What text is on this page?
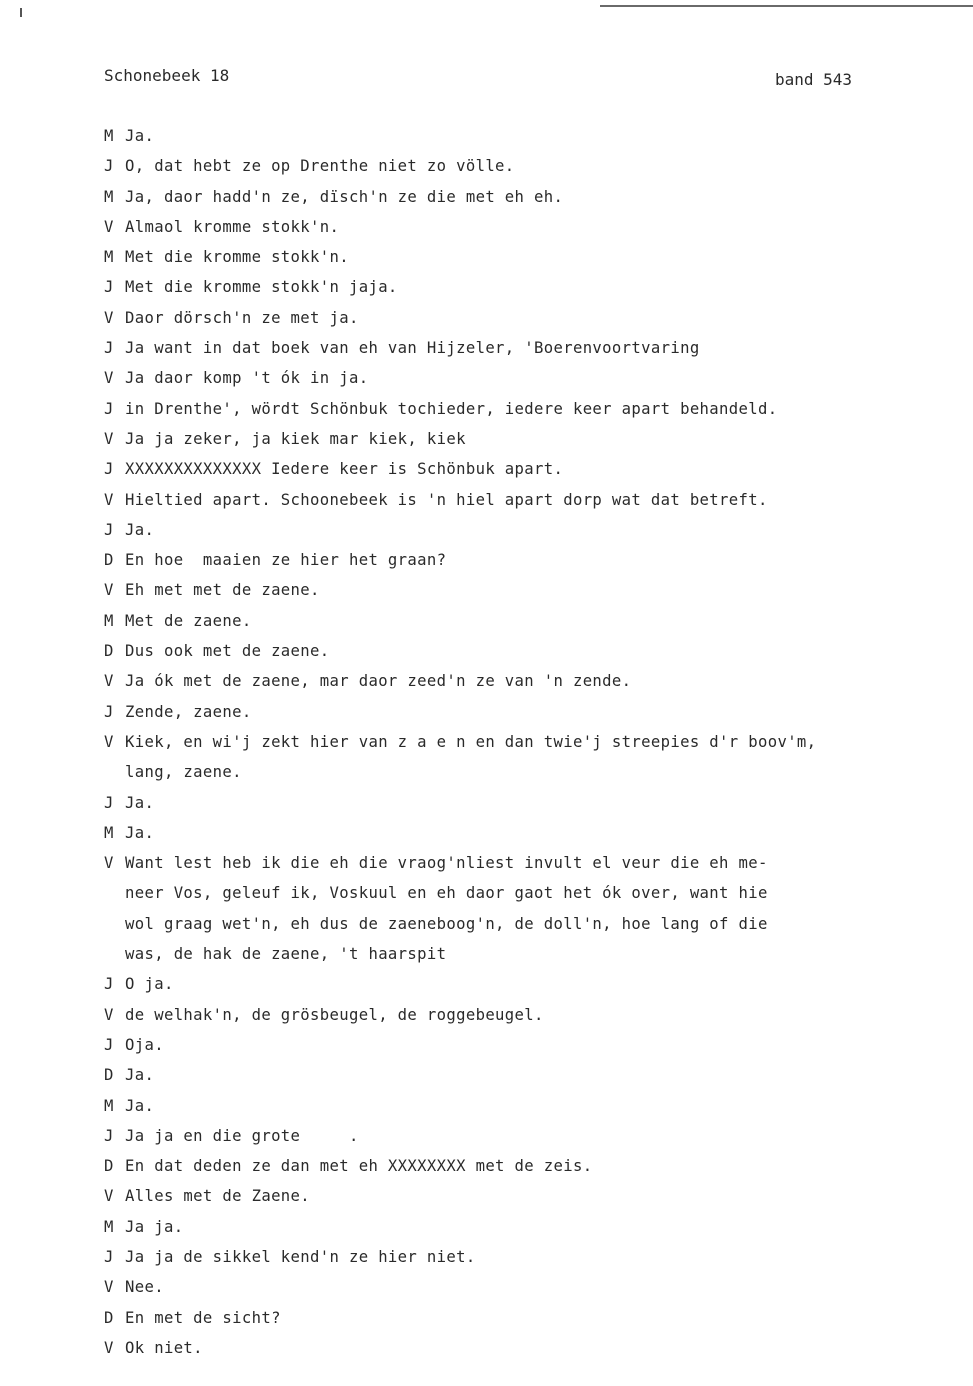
Schonebeek 18	band 543
M Ja.
J O, dat hebt ze op Drenthe niet zo völle.
M Ja, daor hadd'n ze, dïsch'n ze die met eh eh.
V Almaol kromme stokk'n.
M Met die kromme stokk'n.
J Met die kromme stokk'n jaja.
V Daor dörsch'n ze met ja.
J Ja want in dat boek van eh van Hijzeler, 'Boerenvoortvaring
V Ja daor komp 't ók in ja.
J in Drenthe', wördt Schönbuk tochieder, iedere keer apart behandeld.
V Ja ja zeker, ja kiek mar kiek, kiek
J XXXXXXXXXXXXXX Iedere keer is Schönbuk apart.
V Hieltied apart. Schoonebeek is 'n hiel apart dorp wat dat betreft.
J Ja.
D En hoe  maaien ze hier het graan?
V Eh met met de zaene.
M Met de zaene.
D Dus ook met de zaene.
V Ja ók met de zaene, mar daor zeed'n ze van 'n zende.
J Zende, zaene.
V Kiek, en wi'j zekt hier van z a e n en dan twie'j streepies d'r boov'm,
lang, zaene.
J Ja.
M Ja.
V Want lest heb ik die eh die vraog'nliest invult el veur die eh me-
neer Vos, geleuf ik, Voskuul en eh daor gaot het ók over, want hie
wol graag wet'n, eh dus de zaeneboog'n, de doll'n, hoe lang of die
was, de hak de zaene, 't haarspit
J O ja.
V de welhak'n, de grösbeugel, de roggebeugel.
J Oja.
D Ja.
M Ja.
J Ja ja en die grote     .
D En dat deden ze dan met eh XXXXXXXX met de zeis.
V Alles met de Zaene.
M Ja ja.
J Ja ja de sikkel kend'n ze hier niet.
V Nee.
D En met de sicht?
V Ok niet.
